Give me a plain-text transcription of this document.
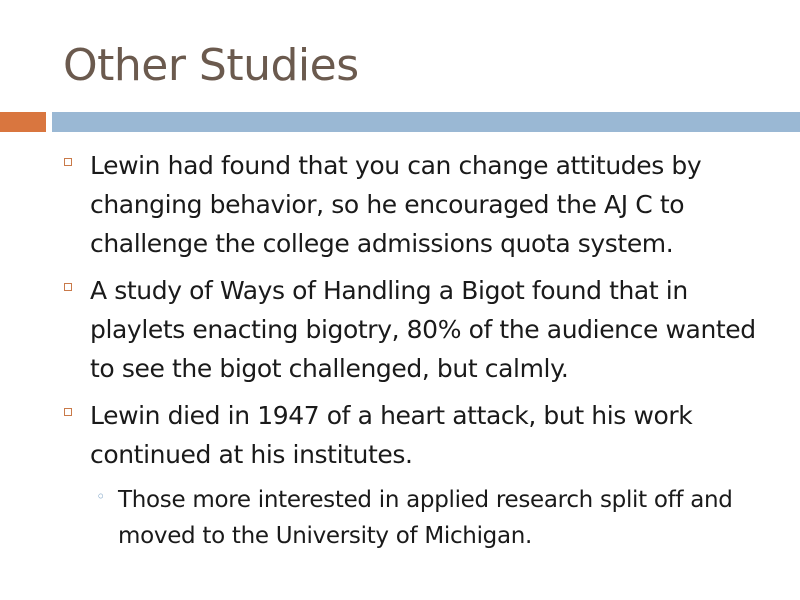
Other Studies
Lewin had found that you can change attitudes by changing behavior, so he encouraged the AJ C to challenge the college admissions quota system.
A study of Ways of Handling a Bigot found that in playlets enacting bigotry, 80% of the audience wanted to see the bigot challenged, but calmly.
Lewin died in 1947 of a heart attack, but his work continued at his institutes.
◦ Those more interested in applied research split off and moved to the University of Michigan.
